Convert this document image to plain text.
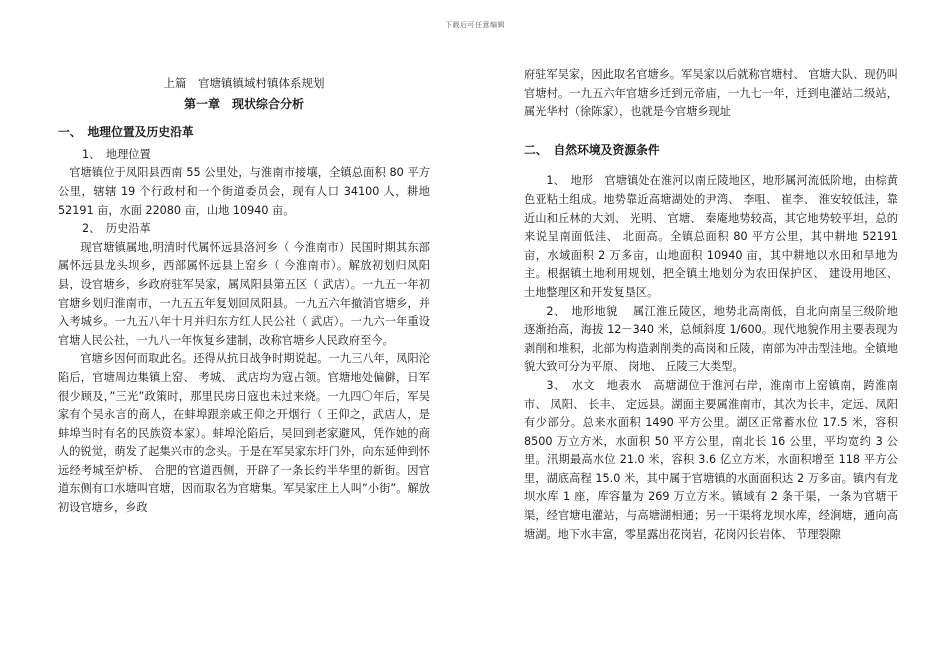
下载后可任意编辑

上篇　官塘镇镇域村镇体系规划

第一章　现状综合分析

一、　地理位置及历史沿革

1、　地理位置

官塘镇位于凤阳县西南 55 公里处，与淮南市接壤，全镇总面积 80 平方公里，辖辖 19 个行政村和一个街道委员会，现有人口 34100 人，耕地 52191 亩，水面 22080 亩，山地 10940 亩。

2、　历史沿革

现官塘镇属地,明清时代属怀远县洛河乡（ 今淮南市）民国时期其东部属怀远县龙头坝乡，西部属怀远县上窑乡（ 今淮南市）。解放初划归凤阳县，设官塘乡，乡政府驻军吴家，属凤阳县第五区（ 武店）。一九五一年初官塘乡划归淮南市，一九五五年复划回凤阳县。一九五六年撤消官塘乡，并入考城乡。一九五八年十月并归东方红人民公社（ 武店）。一九六一年重设官塘人民公社，一九八一年恢复乡建制，改称官塘乡人民政府至今。

官塘乡因何而取此名。还得从抗日战争时期说起。一九三八年，凤阳沦陷后，官塘周边集镇上窑、 考城、 武店均为寇占领。官塘地处偏僻，日军很少顾及，”三光”政策时，那里民房日寇也未过来烧。一九四〇年后，军吴家有个吴永言的商人，在蚌埠跟亲戚王仰之开烟行（ 王仰之，武店人，是蚌埠当时有名的民族资本家）。蚌埠沦陷后，吴回到老家避风，凭作她的商人的锐觉，萌发了起集兴市的念头。于是在军吴家东圩门外，向东延伸到怀远经考城至炉桥、 合肥的官道西侧，开辟了一条长约半华里的新街。因官道东侧有口水塘叫官塘，因而取名为官塘集。军吴家庄上人叫”小街”。解放初设官塘乡，乡政

府驻军吴家，因此取名官塘乡。军吴家以后就称官塘村、 官塘大队、现仍叫官塘村。一九五六年官塘乡迁到元帝庙，一九七一年，迁到电灌站二级站，属光华村（徐陈家），也就是今官塘乡现址

二、　自然环境及资源条件

1、　地形　官塘镇处在淮河以南丘陵地区，地形属河流低阶地，由棕黄色亚粘土组成。地势靠近高塘湖处的尹湾、 李咀、 崔李、 淮安较低洼，靠近山和丘林的大刘、 光明、 官塘、 秦庵地势较高，其它地势较平坦，总的来说呈南面低洼、 北面高。全镇总面积 80 平方公里，其中耕地 52191 亩，水域面积 2 万多亩，山地面积 10940 亩，其中耕地以水田和旱地为主。根据镇土地利用规划，把全镇土地划分为农田保护区、 建设用地区、 土地整理区和开发复垦区。

2、　地形地貌　 属江淮丘陵区，地势北高南低，自北向南呈三级阶地逐渐抬高，海拔 12－340 米，总倾斜度 1/600。现代地貌作用主要表现为剥削和堆积，北部为构造剥削类的高岗和丘陵，南部为冲击型洼地。全镇地貌大致可分为平原、 岗地、 丘陵三大类型。

3、　水文　地表水　高塘湖位于淮河右岸，淮南市上窑镇南，跨淮南市、 凤阳、 长丰、 定远县。湖面主要属淮南市，其次为长丰，定远、凤阳有少部分。总来水面积 1490 平方公里。湖区正常蓄水位 17.5 米，容积 8500 万立方米，水面积 50 平方公里，南北长 16 公里，平均宽约 3 公里。汛期最高水位 21.0 米，容积 3.6 亿立方米，水面积增至 118 平方公里，湖底高程 15.0 米，其中属于官塘镇的水面面积达 2 万多亩。镇内有龙坝水库 1 座，库容量为 269 万立方米。镇域有 2 条干渠，一条为官塘干渠，经官塘电灌站，与高塘湖相通；另一干渠将龙坝水库，经涧塘，通向高塘湖。地下水丰富，零星露出花岗岩，花岗闪长岩体、 节理裂隙
